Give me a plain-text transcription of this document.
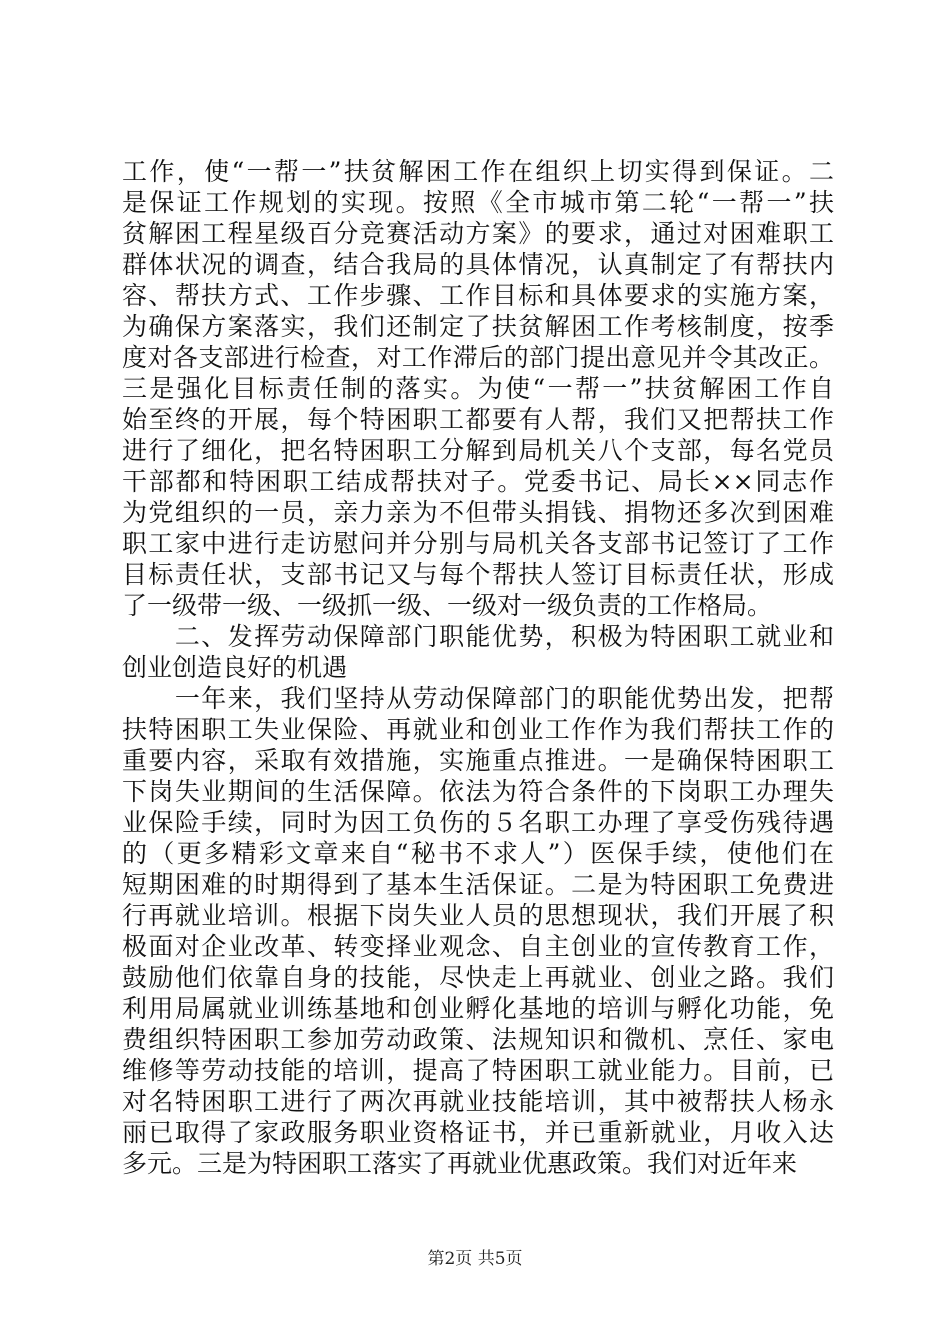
工作，使“一帮一”扶贫解困工作在组织上切实得到保证。二
是保证工作规划的实现。按照《全市城市第二轮“一帮一”扶
贫解困工程星级百分竞赛活动方案》的要求，通过对困难职工
群体状况的调查，结合我局的具体情况，认真制定了有帮扶内
容、帮扶方式、工作步骤、工作目标和具体要求的实施方案，
为确保方案落实，我们还制定了扶贫解困工作考核制度，按季
度对各支部进行检查，对工作滞后的部门提出意见并令其改正。
三是强化目标责任制的落实。为使“一帮一”扶贫解困工作自
始至终的开展，每个特困职工都要有人帮，我们又把帮扶工作
进行了细化，把名特困职工分解到局机关八个支部，每名党员
干部都和特困职工结成帮扶对子。党委书记、局长××同志作
为党组织的一员，亲力亲为不但带头捐钱、捐物还多次到困难
职工家中进行走访慰问并分别与局机关各支部书记签订了工作
目标责任状，支部书记又与每个帮扶人签订目标责任状，形成
了一级带一级、一级抓一级、一级对一级负责的工作格局。
　　二、发挥劳动保障部门职能优势，积极为特困职工就业和
创业创造良好的机遇
　　一年来，我们坚持从劳动保障部门的职能优势出发，把帮
扶特困职工失业保险、再就业和创业工作作为我们帮扶工作的
重要内容，采取有效措施，实施重点推进。一是确保特困职工
下岗失业期间的生活保障。依法为符合条件的下岗职工办理失
业保险手续，同时为因工负伤的５名职工办理了享受伤残待遇
的（更多精彩文章来自“秘书不求人”）医保手续，使他们在
短期困难的时期得到了基本生活保证。二是为特困职工免费进
行再就业培训。根据下岗失业人员的思想现状，我们开展了积
极面对企业改革、转变择业观念、自主创业的宣传教育工作，
鼓励他们依靠自身的技能，尽快走上再就业、创业之路。我们
利用局属就业训练基地和创业孵化基地的培训与孵化功能，免
费组织特困职工参加劳动政策、法规知识和微机、烹任、家电
维修等劳动技能的培训，提高了特困职工就业能力。目前，已
对名特困职工进行了两次再就业技能培训，其中被帮扶人杨永
丽已取得了家政服务职业资格证书，并已重新就业，月收入达
多元。三是为特困职工落实了再就业优惠政策。我们对近年来
第2页 共5页
